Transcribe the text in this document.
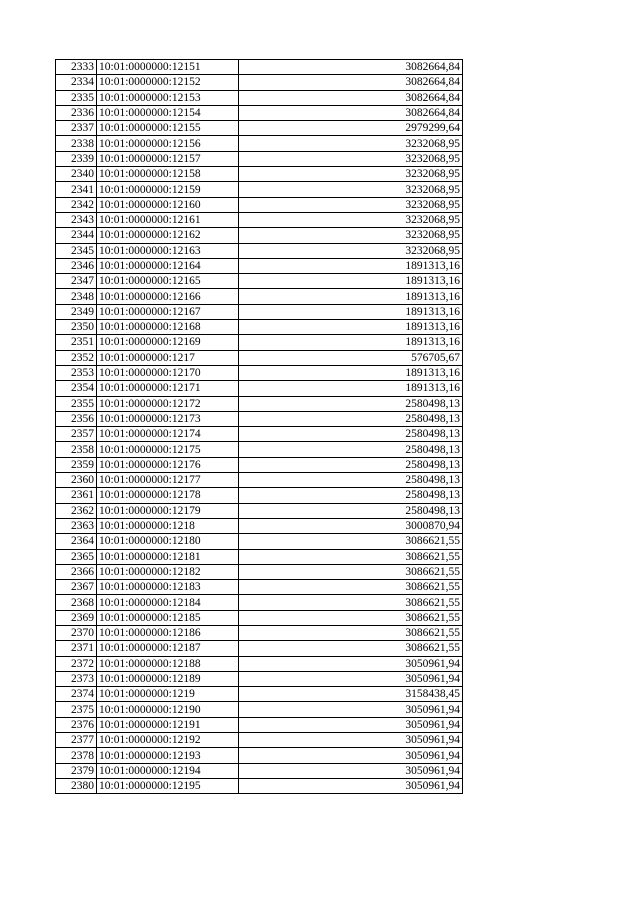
2333	10:01:0000000:12151	3082664,84
2334	10:01:0000000:12152	3082664,84
2335	10:01:0000000:12153	3082664,84
2336	10:01:0000000:12154	3082664,84
2337	10:01:0000000:12155	2979299,64
2338	10:01:0000000:12156	3232068,95
2339	10:01:0000000:12157	3232068,95
2340	10:01:0000000:12158	3232068,95
2341	10:01:0000000:12159	3232068,95
2342	10:01:0000000:12160	3232068,95
2343	10:01:0000000:12161	3232068,95
2344	10:01:0000000:12162	3232068,95
2345	10:01:0000000:12163	3232068,95
2346	10:01:0000000:12164	1891313,16
2347	10:01:0000000:12165	1891313,16
2348	10:01:0000000:12166	1891313,16
2349	10:01:0000000:12167	1891313,16
2350	10:01:0000000:12168	1891313,16
2351	10:01:0000000:12169	1891313,16
2352	10:01:0000000:1217	576705,67
2353	10:01:0000000:12170	1891313,16
2354	10:01:0000000:12171	1891313,16
2355	10:01:0000000:12172	2580498,13
2356	10:01:0000000:12173	2580498,13
2357	10:01:0000000:12174	2580498,13
2358	10:01:0000000:12175	2580498,13
2359	10:01:0000000:12176	2580498,13
2360	10:01:0000000:12177	2580498,13
2361	10:01:0000000:12178	2580498,13
2362	10:01:0000000:12179	2580498,13
2363	10:01:0000000:1218	3000870,94
2364	10:01:0000000:12180	3086621,55
2365	10:01:0000000:12181	3086621,55
2366	10:01:0000000:12182	3086621,55
2367	10:01:0000000:12183	3086621,55
2368	10:01:0000000:12184	3086621,55
2369	10:01:0000000:12185	3086621,55
2370	10:01:0000000:12186	3086621,55
2371	10:01:0000000:12187	3086621,55
2372	10:01:0000000:12188	3050961,94
2373	10:01:0000000:12189	3050961,94
2374	10:01:0000000:1219	3158438,45
2375	10:01:0000000:12190	3050961,94
2376	10:01:0000000:12191	3050961,94
2377	10:01:0000000:12192	3050961,94
2378	10:01:0000000:12193	3050961,94
2379	10:01:0000000:12194	3050961,94
2380	10:01:0000000:12195	3050961,94
